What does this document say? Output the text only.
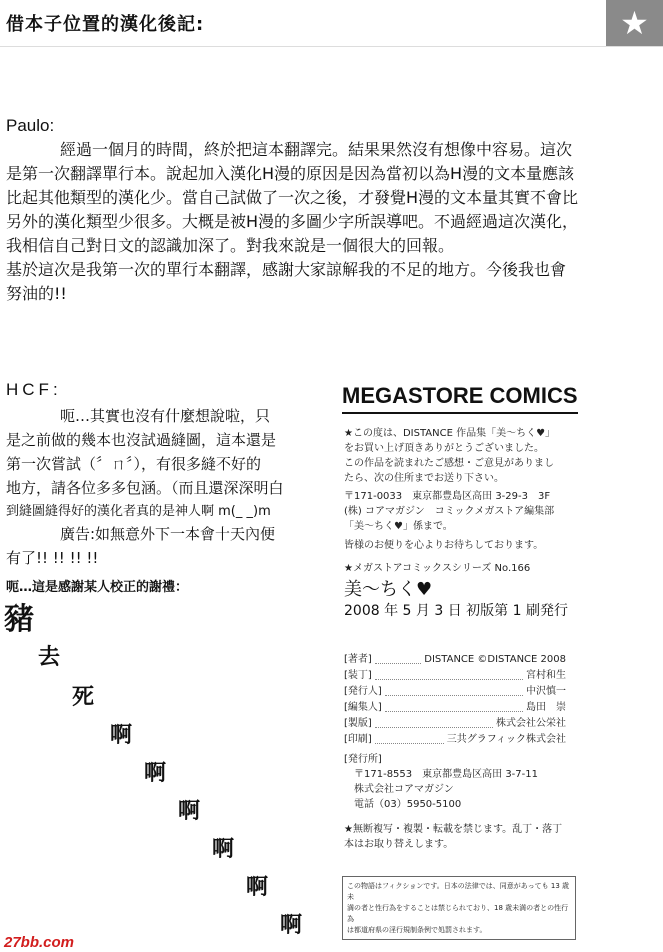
借本子位置的漢化後記:	★
Paulo:
經過一個月的時間，終於把這本翻譯完。結果果然沒有想像中容易。這次
是第一次翻譯單行本。說起加入漢化H漫的原因是因為當初以為H漫的文本量應該
比起其他類型的漢化少。當自己試做了一次之後，才發覺H漫的文本量其實不會比
另外的漢化類型少很多。大概是被H漫的多圖少字所誤導吧。不過經過這次漢化，
我相信自己對日文的認識加深了。對我來說是一個很大的回報。
基於這次是我第一次的單行本翻譯，感謝大家諒解我的不足的地方。今後我也會
努油的!!
HCF:
呃…其實也沒有什麼想說啦，只
是之前做的幾本也沒試過縫圖，這本還是
第一次嘗試（〞ㄇ〞），有很多縫不好的
地方，請各位多多包涵。（而且還深深明白
到縫圖縫得好的漢化者真的是神人啊 m(_ _)m
廣告:如無意外下一本會十天內便
有了!! !! !! !!
呃…這是感謝某人校正的謝禮：
豬
去
死
啊
啊
啊
啊
啊
啊
MEGASTORE COMICS
★この度は、DISTANCE 作品集「美〜ちく♥」
をお買い上げ頂きありがとうございました。
この作品を読まれたご感想・ご意見がありまし
たら、次の住所までお送り下さい。
〒171-0033　東京都豊島区高田 3-29-3　3F
(株) コアマガジン　コミックメガストア編集部
「美〜ちく♥」係まで。
皆様のお便りを心よりお待ちしております。
★メガストアコミックスシリーズ No.166
美〜ちく♥
2008 年 5 月 3 日 初版第 1 刷発行
[著者]	DISTANCE ©DISTANCE 2008
[装丁]	宮村和生
[発行人]	中沢慎一
[編集人]	島田　崇
[製版]	株式会社公栄社
[印刷]	三共グラフィック株式会社
[発行所]
〒171-8553　東京都豊島区高田 3-7-11
株式会社コアマガジン
電話（03）5950-5100
★無断複写・複製・転載を禁じます。乱丁・落丁
本はお取り替えします。
この物語はフィクションです。日本の法律では、同意があっても 13 歳未
満の者と性行為をすることは禁じられており、18 歳未満の者との性行為
は都道府県の淫行規制条例で処罰されます。
27bb.com
